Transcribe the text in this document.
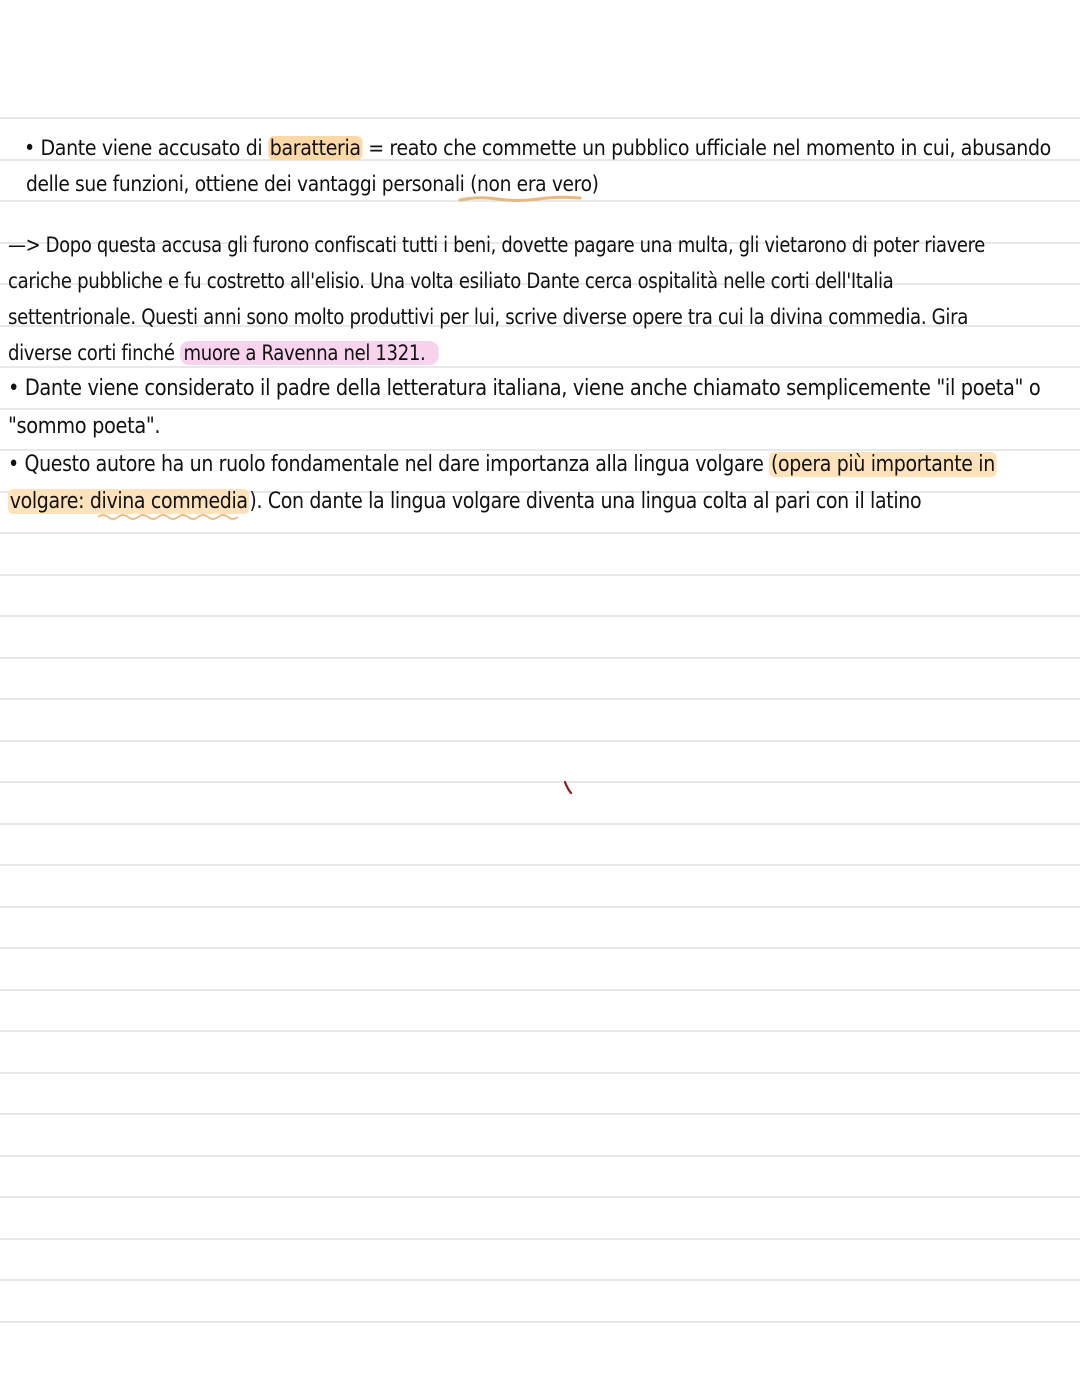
• Dante viene accusato di baratteria = reato che commette un pubblico ufficiale nel momento in cui, abusando
delle sue funzioni, ottiene dei vantaggi personali (non era vero)
—> Dopo questa accusa gli furono confiscati tutti i beni, dovette pagare una multa, gli vietarono di poter riavere
cariche pubbliche e fu costretto all'elisio. Una volta esiliato Dante cerca ospitalità nelle corti dell'Italia
settentrionale. Questi anni sono molto produttivi per lui, scrive diverse opere tra cui la divina commedia. Gira
diverse corti finché muore a Ravenna nel 1321.
• Dante viene considerato il padre della letteratura italiana, viene anche chiamato semplicemente "il poeta" o
"sommo poeta".
• Questo autore ha un ruolo fondamentale nel dare importanza alla lingua volgare (opera più importante in
volgare: divina commedia). Con dante la lingua volgare diventa una lingua colta al pari con il latino
